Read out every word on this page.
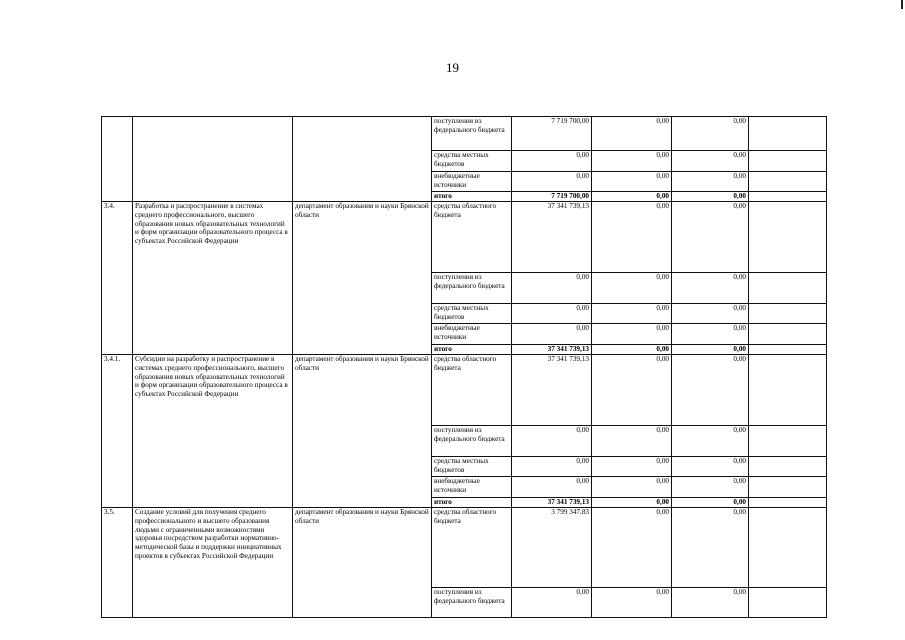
19
			поступления из федерального бюджета	7 719 700,00	0,00	0,00	
			средства местных бюджетов	0,00	0,00	0,00	
			внебюджетные источники	0,00	0,00	0,00	
			итого	7 719 700,00	0,00	0,00	
3.4.	Разработка и распространение в системах среднего профессионального, высшего образования новых образовательных технологий и форм организации образовательного процесса в субъектах Российской Федерации	департамент образования и науки Брянской области	средства областного бюджета	37 341 739,13	0,00	0,00	
			поступления из федерального бюджета	0,00	0,00	0,00	
			средства местных бюджетов	0,00	0,00	0,00	
			внебюджетные источники	0,00	0,00	0,00	
			итого	37 341 739,13	0,00	0,00	
3.4.1.	Субсидии на разработку и распространение в системах среднего профессионального, высшего образования новых образовательных технологий и форм организации образовательного процесса в субъектах Российской Федерации	департамент образования и науки Брянской области	средства областного бюджета	37 341 739,13	0,00	0,00	
			поступления из федерального бюджета	0,00	0,00	0,00	
			средства местных бюджетов	0,00	0,00	0,00	
			внебюджетные источники	0,00	0,00	0,00	
			итого	37 341 739,13	0,00	0,00	
3.5.	Создание условий для получения среднего профессионального и высшего образования людьми с ограниченными возможностями здоровья посредством разработки нормативно-методической базы и поддержки инициативных проектов в субъектах Российской Федерации	департамент образования и науки Брянской области	средства областного бюджета	3 799 347,83	0,00	0,00	
			поступления из федерального бюджета	0,00	0,00	0,00	
